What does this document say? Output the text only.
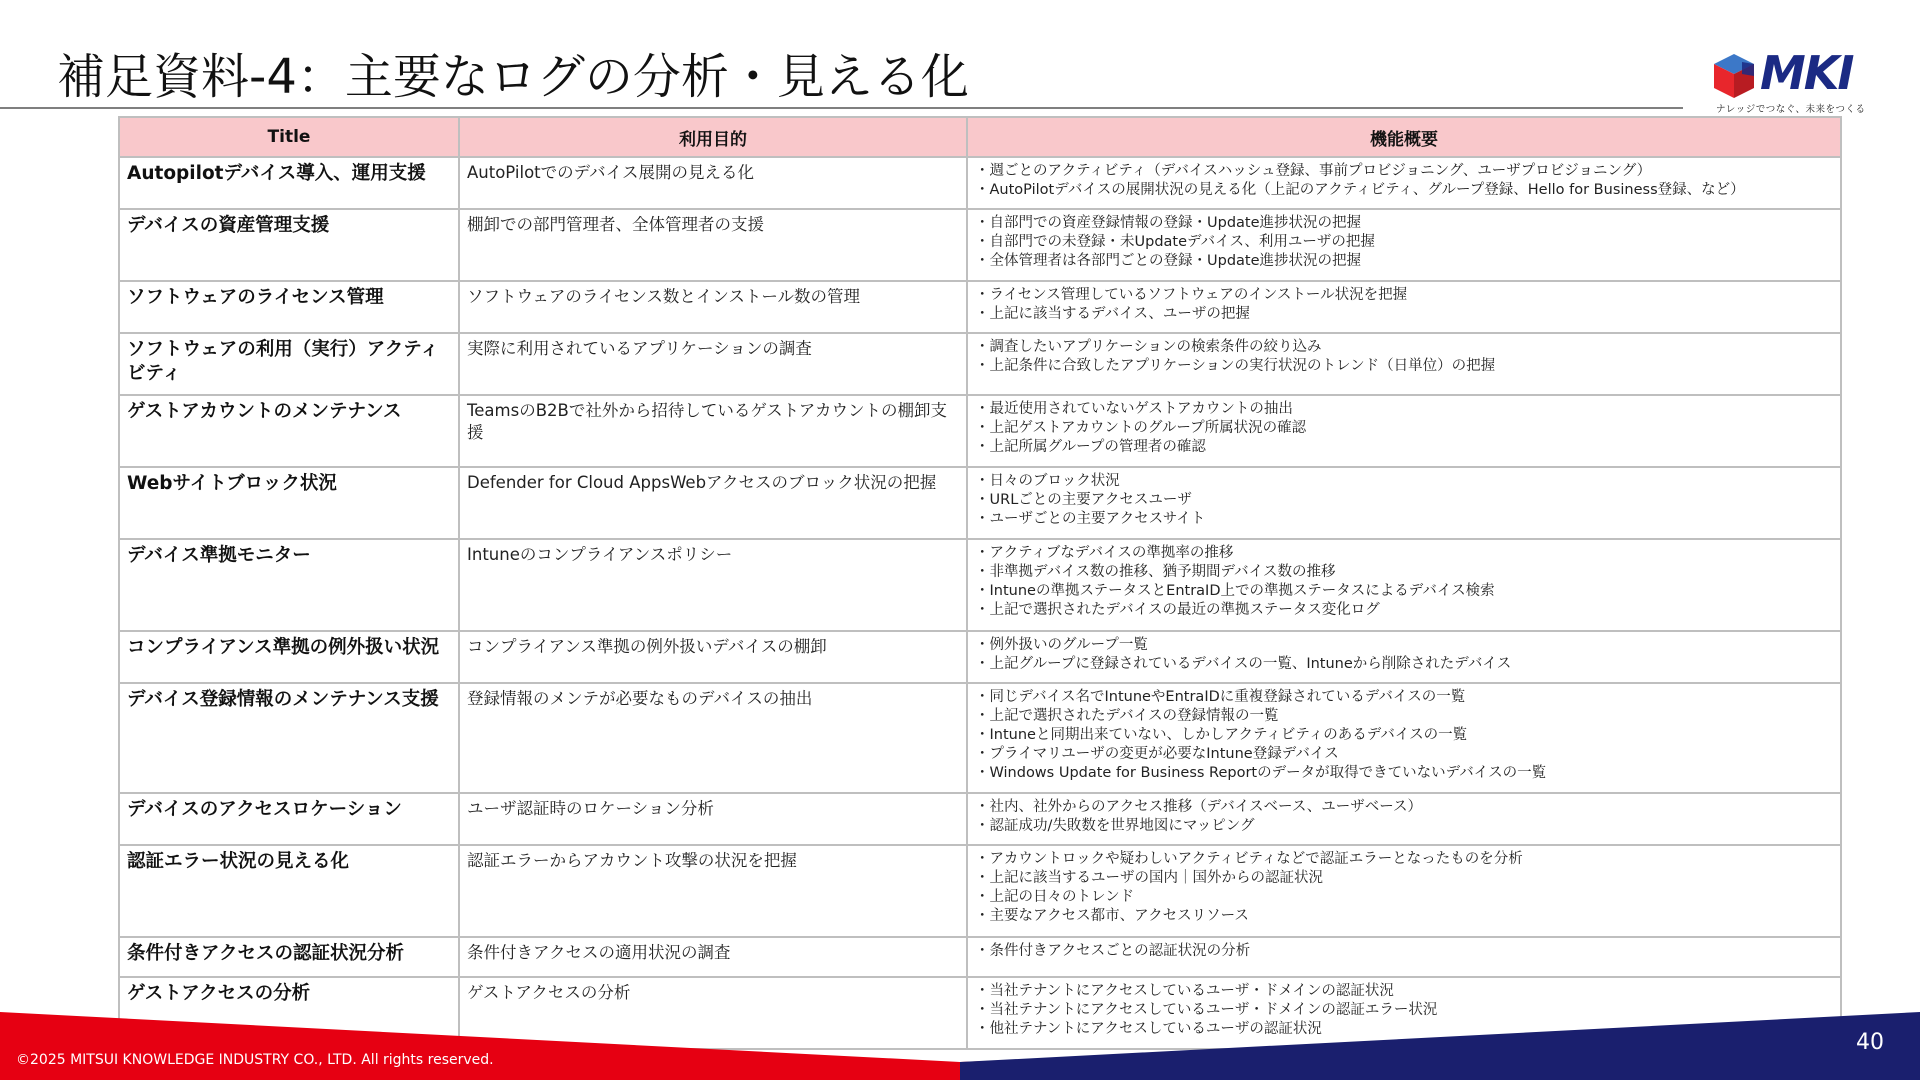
補足資料-4：主要なログの分析・見える化	MKI
ナレッジでつなぐ、未来をつくる
Title	利用目的	機能概要
Autopilotデバイス導入、運用支援	AutoPilotでのデバイス展開の見える化	・週ごとのアクティビティ（デバイスハッシュ登録、事前プロビジョニング、ユーザプロビジョニング）
・AutoPilotデバイスの展開状況の見える化（上記のアクティビティ、グループ登録、Hello for Business登録、など）

デバイスの資産管理支援	棚卸での部門管理者、全体管理者の支援	・自部門での資産登録情報の登録・Update進捗状況の把握
・自部門での未登録・未Updateデバイス、利用ユーザの把握
・全体管理者は各部門ごとの登録・Update進捗状況の把握

ソフトウェアのライセンス管理	ソフトウェアのライセンス数とインストール数の管理	・ライセンス管理しているソフトウェアのインストール状況を把握
・上記に該当するデバイス、ユーザの把握

ソフトウェアの利用（実行）アクティビティ	実際に利用されているアプリケーションの調査	・調査したいアプリケーションの検索条件の絞り込み
・上記条件に合致したアプリケーションの実行状況のトレンド（日単位）の把握

ゲストアカウントのメンテナンス	TeamsのB2Bで社外から招待しているゲストアカウントの棚卸支援	・最近使用されていないゲストアカウントの抽出
・上記ゲストアカウントのグループ所属状況の確認
・上記所属グループの管理者の確認

Webサイトブロック状況	Defender for Cloud AppsWebアクセスのブロック状況の把握	・日々のブロック状況
・URLごとの主要アクセスユーザ
・ユーザごとの主要アクセスサイト

デバイス準拠モニター	Intuneのコンプライアンスポリシー	・アクティブなデバイスの準拠率の推移
・非準拠デバイス数の推移、猶予期間デバイス数の推移
・Intuneの準拠ステータスとEntraID上での準拠ステータスによるデバイス検索
・上記で選択されたデバイスの最近の準拠ステータス変化ログ

コンプライアンス準拠の例外扱い状況	コンプライアンス準拠の例外扱いデバイスの棚卸	・例外扱いのグループ一覧
・上記グループに登録されているデバイスの一覧、Intuneから削除されたデバイス

デバイス登録情報のメンテナンス支援	登録情報のメンテが必要なものデバイスの抽出	・同じデバイス名でIntuneやEntraIDに重複登録されているデバイスの一覧
・上記で選択されたデバイスの登録情報の一覧
・Intuneと同期出来ていない、しかしアクティビティのあるデバイスの一覧
・プライマリユーザの変更が必要なIntune登録デバイス
・Windows Update for Business Reportのデータが取得できていないデバイスの一覧

デバイスのアクセスロケーション	ユーザ認証時のロケーション分析	・社内、社外からのアクセス推移（デバイスベース、ユーザベース）
・認証成功/失敗数を世界地図にマッピング

認証エラー状況の見える化	認証エラーからアカウント攻撃の状況を把握	・アカウントロックや疑わしいアクティビティなどで認証エラーとなったものを分析
・上記に該当するユーザの国内｜国外からの認証状況
・上記の日々のトレンド
・主要なアクセス都市、アクセスリソース

条件付きアクセスの認証状況分析	条件付きアクセスの適用状況の調査	・条件付きアクセスごとの認証状況の分析

ゲストアクセスの分析	ゲストアクセスの分析	・当社テナントにアクセスしているユーザ・ドメインの認証状況
・当社テナントにアクセスしているユーザ・ドメインの認証エラー状況
・他社テナントにアクセスしているユーザの認証状況
©2025 MITSUI KNOWLEDGE INDUSTRY CO., LTD. All rights reserved.
40
